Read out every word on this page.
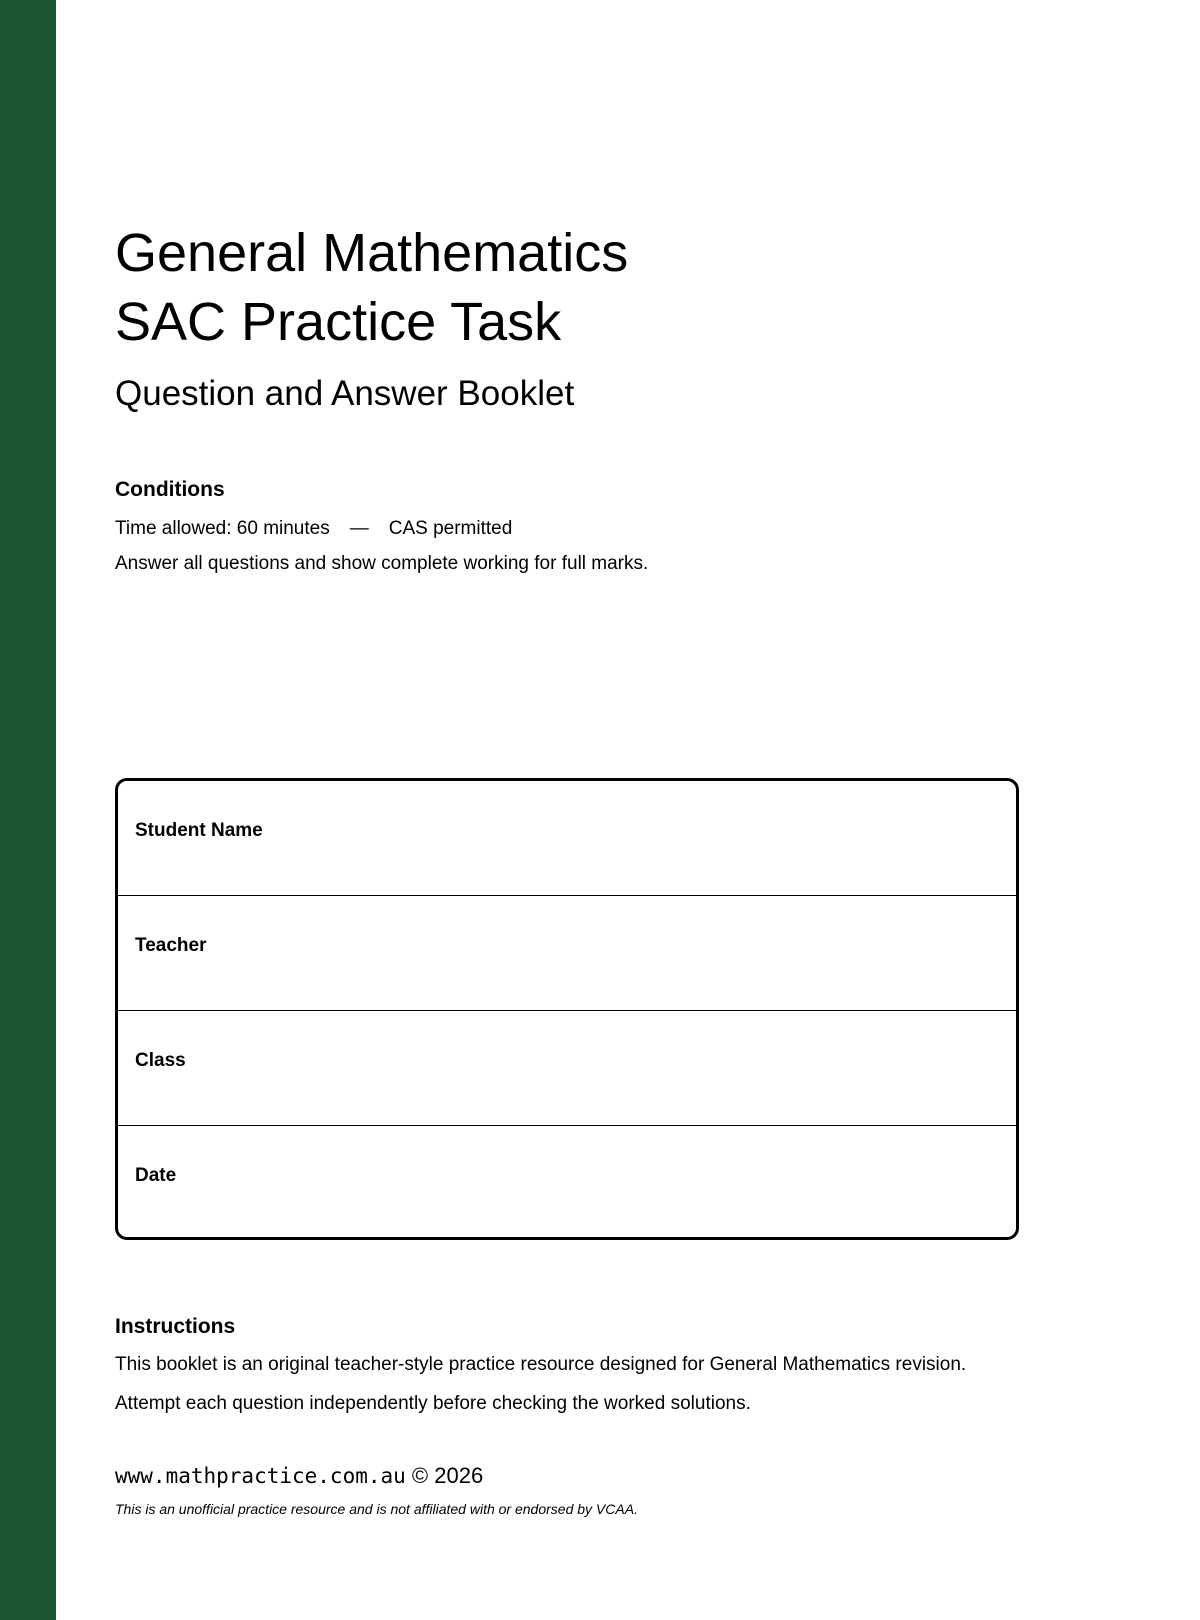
General Mathematics
SAC Practice Task
Question and Answer Booklet
Conditions

Time allowed: 60 minutes — CAS permitted

Answer all questions and show complete working for full marks.

Student Name
Teacher
Class
Date
Instructions

This booklet is an original teacher-style practice resource designed for General Mathematics revision.

Attempt each question independently before checking the worked solutions.

www.mathpractice.com.au © 2026

This is an unofficial practice resource and is not affiliated with or endorsed by VCAA.
